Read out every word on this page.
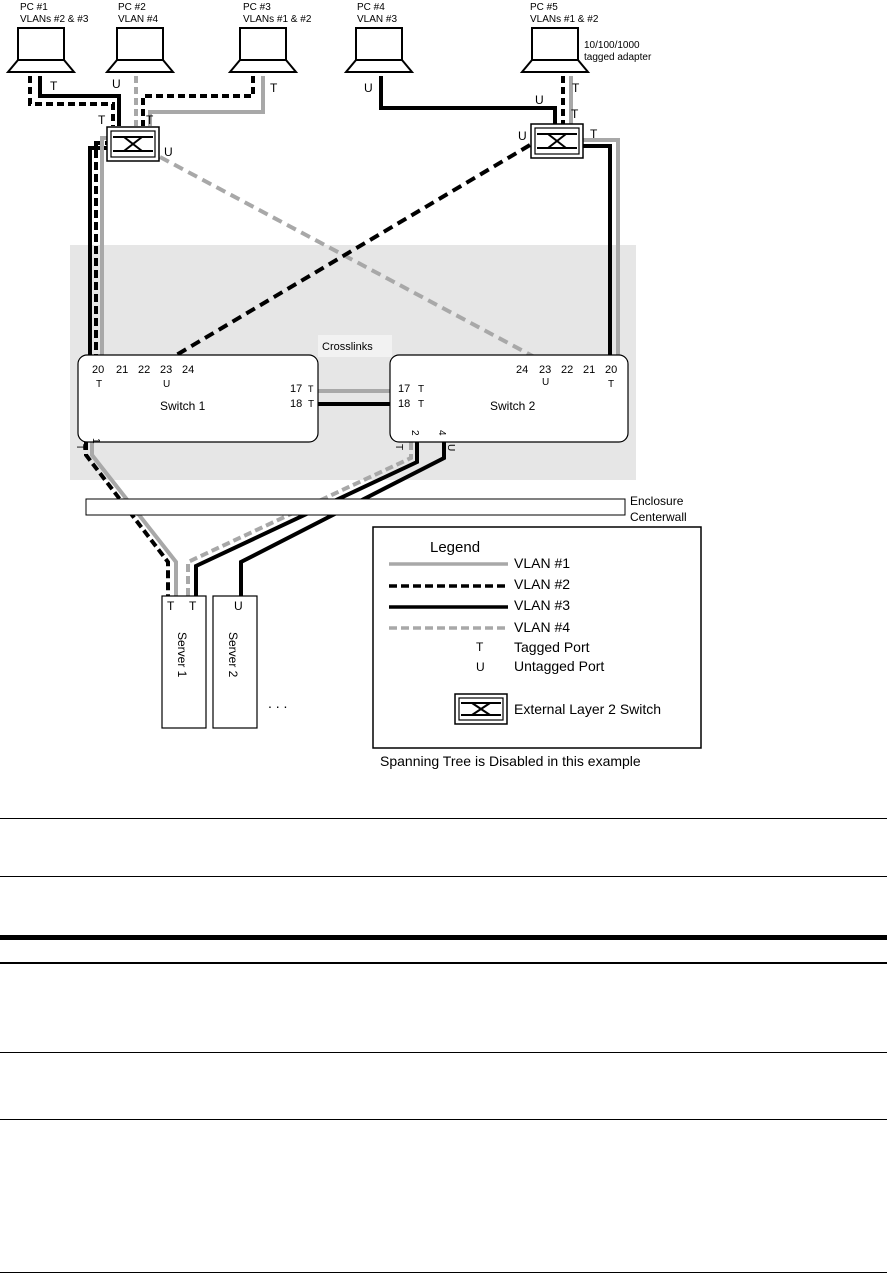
PC #1
VLANs #2 & #3
PC #2
VLAN #4
PC #3
VLANs #1 & #2
PC #4
VLAN #3
PC #5
VLANs #1 & #2
10/100/1000
tagged adapter
T	U	T	U	T
T	T
U
U
T
U	T
20 21 22 23 24
T	U	17
18
T
T
Switch 1
1
T
24 23 22 21 20
U	T
17
18
T
T	Switch 2
2 4
T	U
Crosslinks
Enclosure
Centerwall
T T
Server 1
U
Server 2
. . .
Legend
VLAN #1
VLAN #2
VLAN #3
VLAN #4
T Tagged Port
U Untagged Port
External Layer 2 Switch
Spanning Tree is Disabled in this example
